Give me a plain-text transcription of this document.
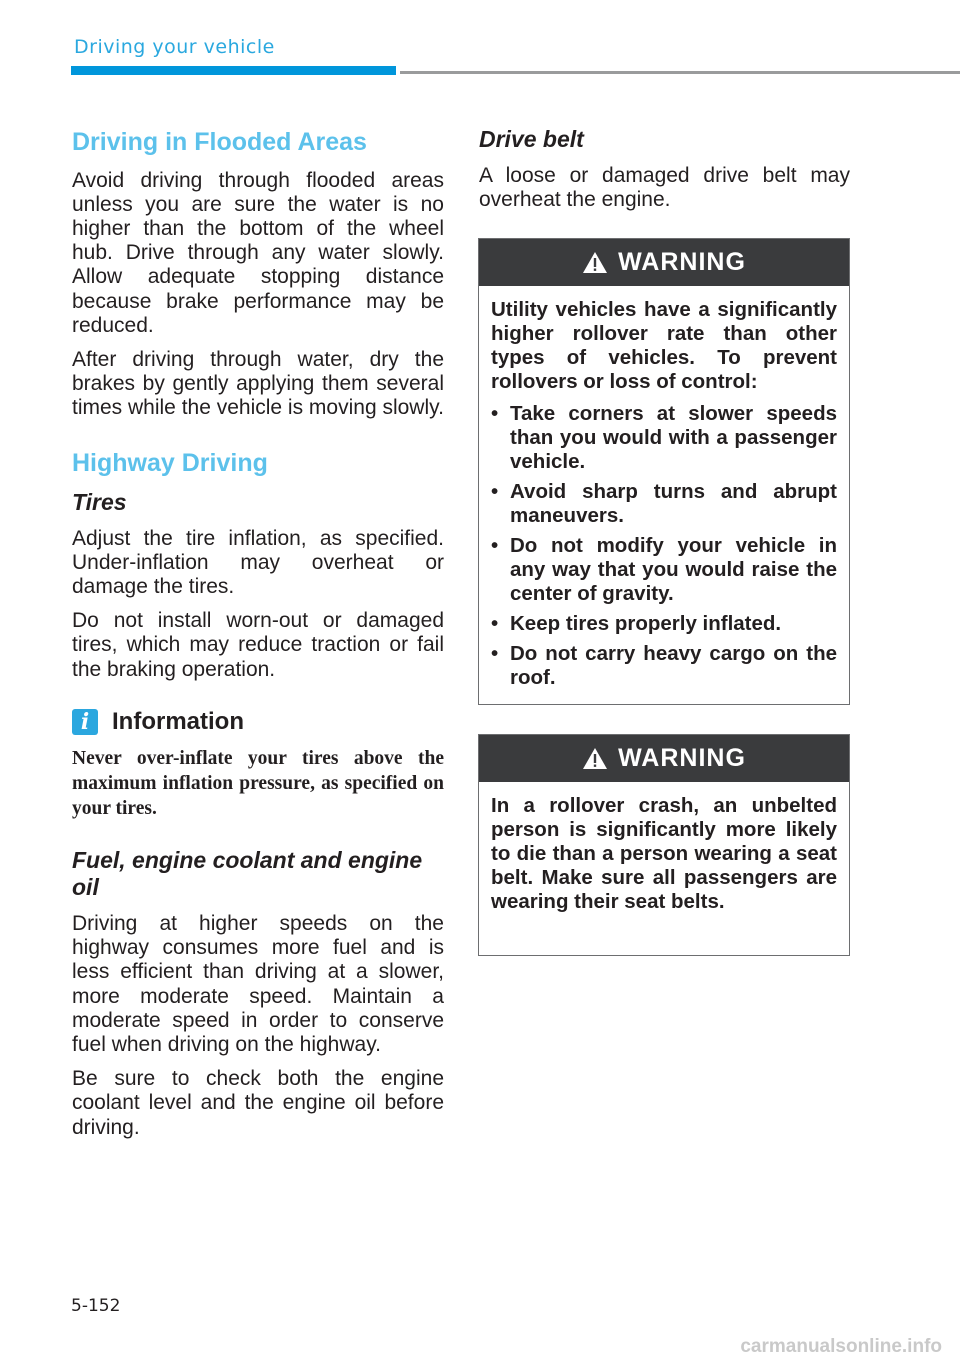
Driving your vehicle
Driving in Flooded Areas

Avoid driving through flooded areas unless you are sure the water is no higher than the bottom of the wheel hub. Drive through any water slowly. Allow adequate stopping distance because brake performance may be reduced.

After driving through water, dry the brakes by gently applying them several times while the vehicle is moving slowly.

Highway Driving
Tires

Adjust the tire inflation, as specified. Under-inflation may overheat or damage the tires.

Do not install worn-out or damaged tires, which may reduce traction or fail the braking operation.

i Information

Never over-inflate your tires above the maximum inflation pressure, as specified on your tires.

Fuel, engine coolant and engine oil

Driving at higher speeds on the highway consumes more fuel and is less efficient than driving at a slower, more moderate speed. Maintain a moderate speed in order to conserve fuel when driving on the highway.

Be sure to check both the engine coolant level and the engine oil before driving.

Drive belt

A loose or damaged drive belt may overheat the engine.

WARNING

Utility vehicles have a significantly higher rollover rate than other types of vehicles. To prevent rollovers or loss of control:

• Take corners at slower speeds than you would with a passenger vehicle.
• Avoid sharp turns and abrupt maneuvers.
• Do not modify your vehicle in any way that you would raise the center of gravity.
• Keep tires properly inflated.
• Do not carry heavy cargo on the roof.
WARNING

In a rollover crash, an unbelted person is significantly more likely to die than a person wearing a seat belt. Make sure all passengers are wearing their seat belts.

5-152
carmanualsonline.info
